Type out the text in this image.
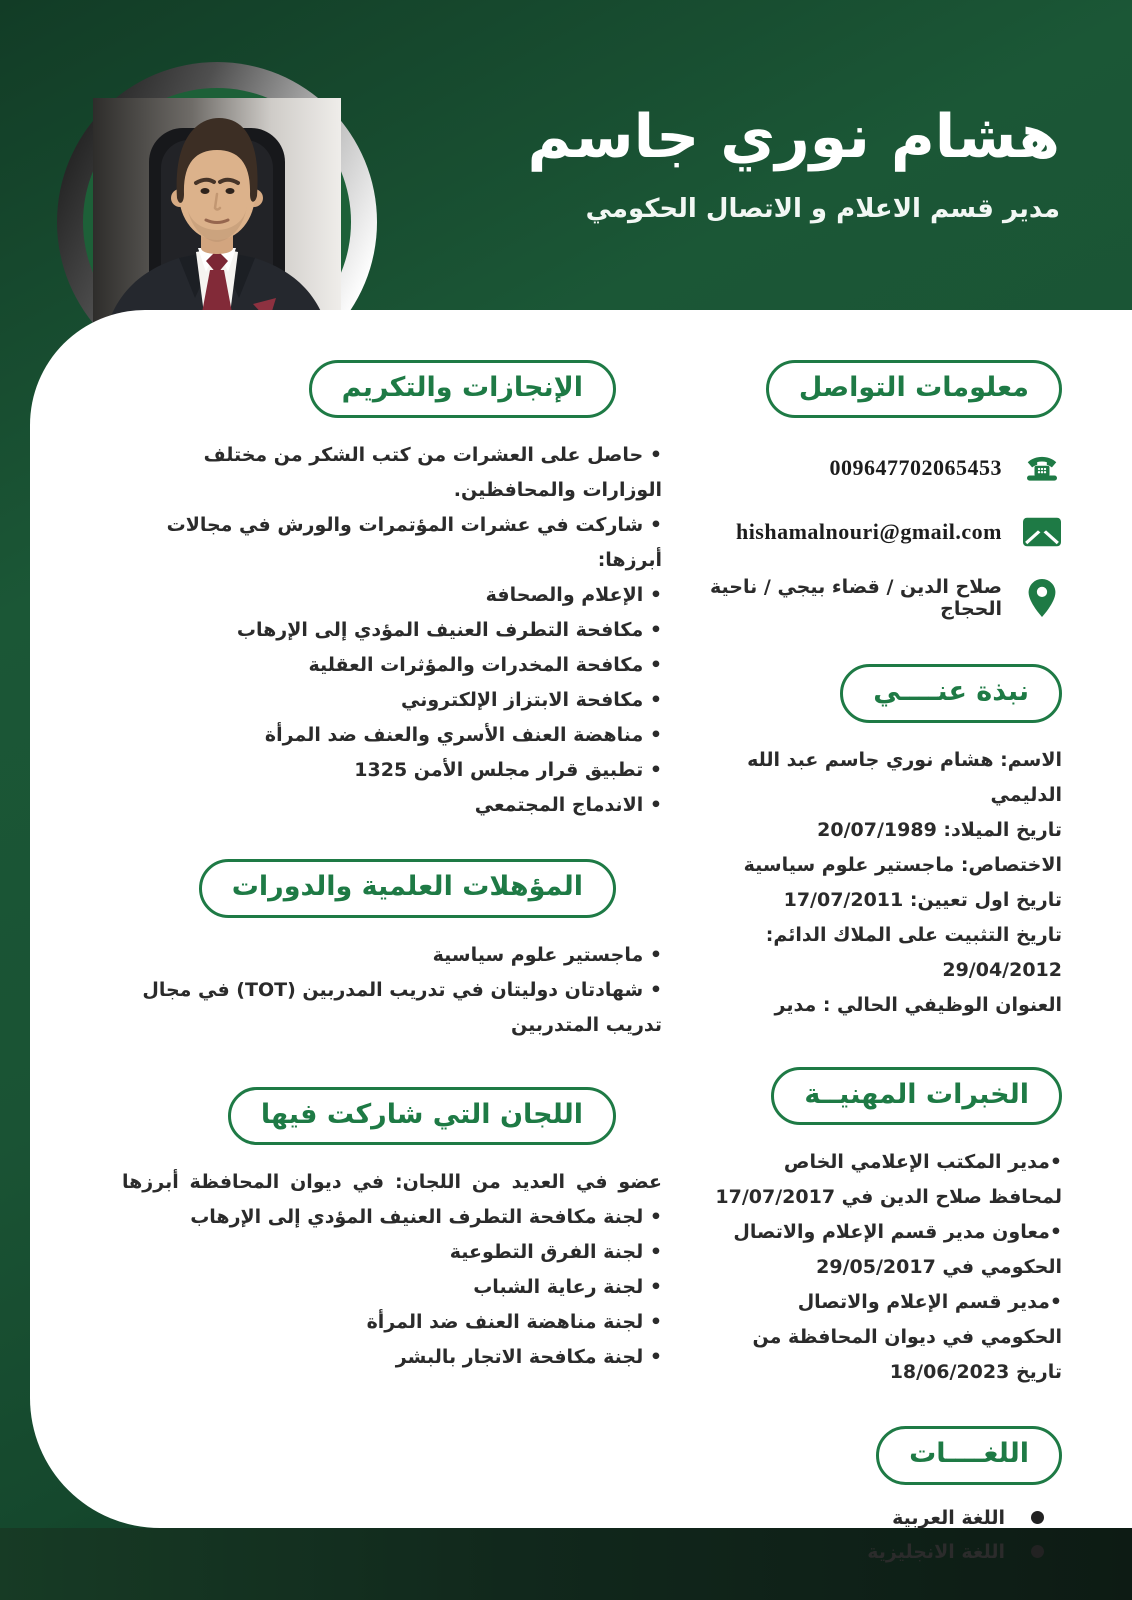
هشام نوري جاسم
مدير قسم الاعلام و الاتصال الحكومي
معلومات التواصل
009647702065453
hishamalnouri@gmail.com
صلاح الدين / قضاء بيجي / ناحية الحجاج
نبذة عنــــي
الاسم: هشام نوري جاسم عبد الله الدليمي
تاريخ الميلاد: 20/07/1989
الاختصاص: ماجستير علوم سياسية
تاريخ اول تعيين: 17/07/2011
تاريخ التثبيت على الملاك الدائم: 29/04/2012
العنوان الوظيفي الحالي : مدير
الخبرات المهنيــة
• مدير المكتب الإعلامي الخاص لمحافظ صلاح الدين في 17/07/2017
• معاون مدير قسم الإعلام والاتصال الحكومي في 29/05/2017
• مدير قسم الإعلام والاتصال الحكومي في ديوان المحافظة من تاريخ 18/06/2023
اللغــــات
اللغة العربية
اللغة الانجليزية
الإنجازات والتكريم
• حاصل على العشرات من كتب الشكر من مختلف الوزارات والمحافظين.
• شاركت في عشرات المؤتمرات والورش في مجالات أبرزها:
• الإعلام والصحافة
• مكافحة التطرف العنيف المؤدي إلى الإرهاب
• مكافحة المخدرات والمؤثرات العقلية
• مكافحة الابتزاز الإلكتروني
• مناهضة العنف الأسري والعنف ضد المرأة
• تطبيق قرار مجلس الأمن 1325
• الاندماج المجتمعي
المؤهلات العلمية والدورات
• ماجستير علوم سياسية
• شهادتان دوليتان في تدريب المدربين (TOT) في مجال تدريب المتدربين
اللجان التي شاركت فيها
عضو في العديد من اللجان: في ديوان المحافظة أبرزها
• لجنة مكافحة التطرف العنيف المؤدي إلى الإرهاب
• لجنة الفرق التطوعية
• لجنة رعاية الشباب
• لجنة مناهضة العنف ضد المرأة
• لجنة مكافحة الاتجار بالبشر
